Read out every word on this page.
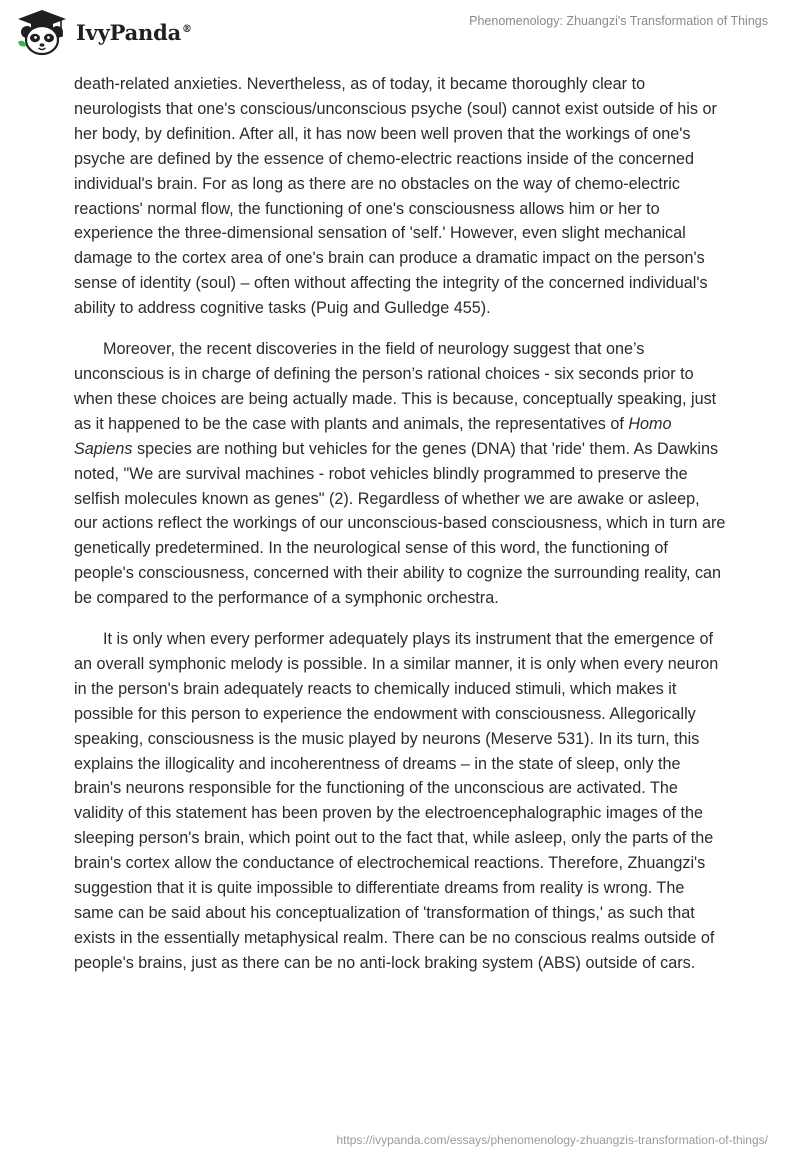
IvyPanda®
Phenomenology: Zhuangzi's Transformation of Things

death-related anxieties. Nevertheless, as of today, it became thoroughly clear to neurologists that one's conscious/unconscious psyche (soul) cannot exist outside of his or her body, by definition. After all, it has now been well proven that the workings of one's psyche are defined by the essence of chemo-electric reactions inside of the concerned individual's brain. For as long as there are no obstacles on the way of chemo-electric reactions' normal flow, the functioning of one's consciousness allows him or her to experience the three-dimensional sensation of 'self.' However, even slight mechanical damage to the cortex area of one's brain can produce a dramatic impact on the person's sense of identity (soul) – often without affecting the integrity of the concerned individual's ability to address cognitive tasks (Puig and Gulledge 455).

Moreover, the recent discoveries in the field of neurology suggest that one’s unconscious is in charge of defining the person’s rational choices - six seconds prior to when these choices are being actually made. This is because, conceptually speaking, just as it happened to be the case with plants and animals, the representatives of Homo Sapiens species are nothing but vehicles for the genes (DNA) that 'ride' them. As Dawkins noted, "We are survival machines - robot vehicles blindly programmed to preserve the selfish molecules known as genes" (2). Regardless of whether we are awake or asleep, our actions reflect the workings of our unconscious-based consciousness, which in turn are genetically predetermined. In the neurological sense of this word, the functioning of people's consciousness, concerned with their ability to cognize the surrounding reality, can be compared to the performance of a symphonic orchestra.

It is only when every performer adequately plays its instrument that the emergence of an overall symphonic melody is possible. In a similar manner, it is only when every neuron in the person's brain adequately reacts to chemically induced stimuli, which makes it possible for this person to experience the endowment with consciousness. Allegorically speaking, consciousness is the music played by neurons (Meserve 531). In its turn, this explains the illogicality and incoherentness of dreams – in the state of sleep, only the brain's neurons responsible for the functioning of the unconscious are activated. The validity of this statement has been proven by the electroencephalographic images of the sleeping person's brain, which point out to the fact that, while asleep, only the parts of the brain's cortex allow the conductance of electrochemical reactions. Therefore, Zhuangzi's suggestion that it is quite impossible to differentiate dreams from reality is wrong. The same can be said about his conceptualization of 'transformation of things,' as such that exists in the essentially metaphysical realm. There can be no conscious realms outside of people's brains, just as there can be no anti-lock braking system (ABS) outside of cars.

https://ivypanda.com/essays/phenomenology-zhuangzis-transformation-of-things/
